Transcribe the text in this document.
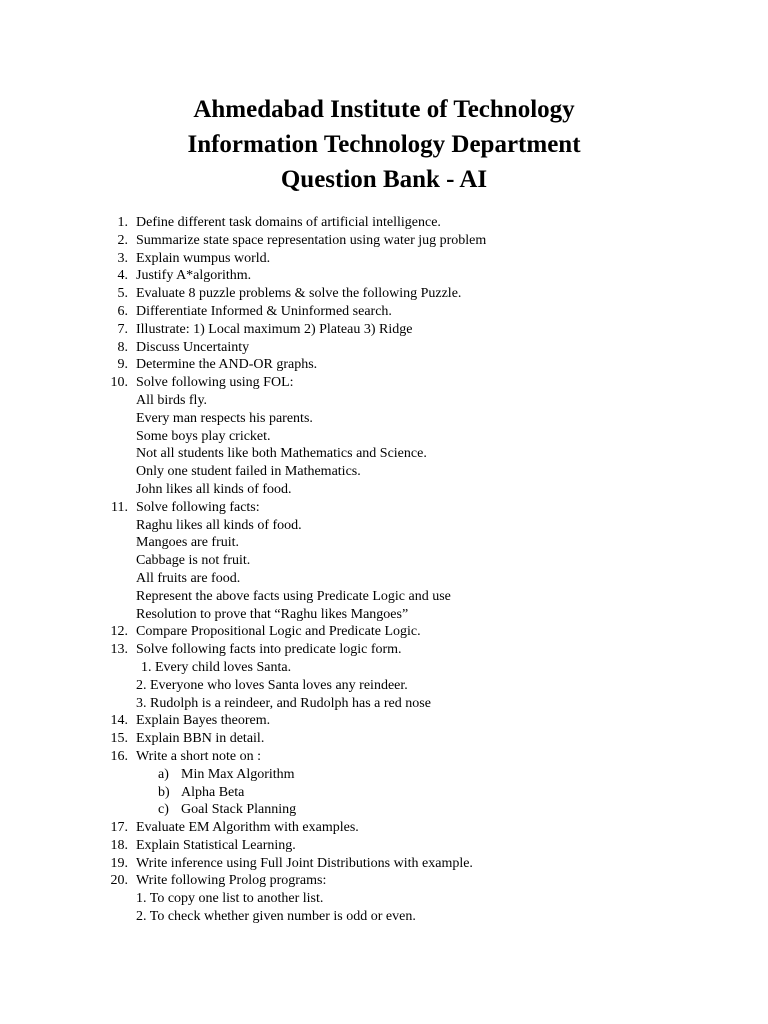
Ahmedabad Institute of Technology
Information Technology Department
Question Bank - AI
1. Define different task domains of artificial intelligence.
2. Summarize state space representation using water jug problem
3. Explain wumpus world.
4. Justify A*algorithm.
5. Evaluate 8 puzzle problems & solve the following Puzzle.
6. Differentiate Informed & Uninformed search.
7. Illustrate: 1) Local maximum 2) Plateau 3) Ridge
8. Discuss Uncertainty
9. Determine the AND-OR graphs.
10. Solve following using FOL:
All birds fly.
Every man respects his parents.
Some boys play cricket.
Not all students like both Mathematics and Science.
Only one student failed in Mathematics.
John likes all kinds of food.
11. Solve following facts:
Raghu likes all kinds of food.
Mangoes are fruit.
Cabbage is not fruit.
All fruits are food.
Represent the above facts using Predicate Logic and use
Resolution to prove that “Raghu likes Mangoes”
12. Compare Propositional Logic and Predicate Logic.
13. Solve following facts into predicate logic form.
1. Every child loves Santa.
2. Everyone who loves Santa loves any reindeer.
3. Rudolph is a reindeer, and Rudolph has a red nose
14. Explain Bayes theorem.
15. Explain BBN in detail.
16. Write a short note on :
a) Min Max Algorithm
b) Alpha Beta
c) Goal Stack Planning
17. Evaluate EM Algorithm with examples.
18. Explain Statistical Learning.
19. Write inference using Full Joint Distributions with example.
20. Write following Prolog programs:
1. To copy one list to another list.
2. To check whether given number is odd or even.
